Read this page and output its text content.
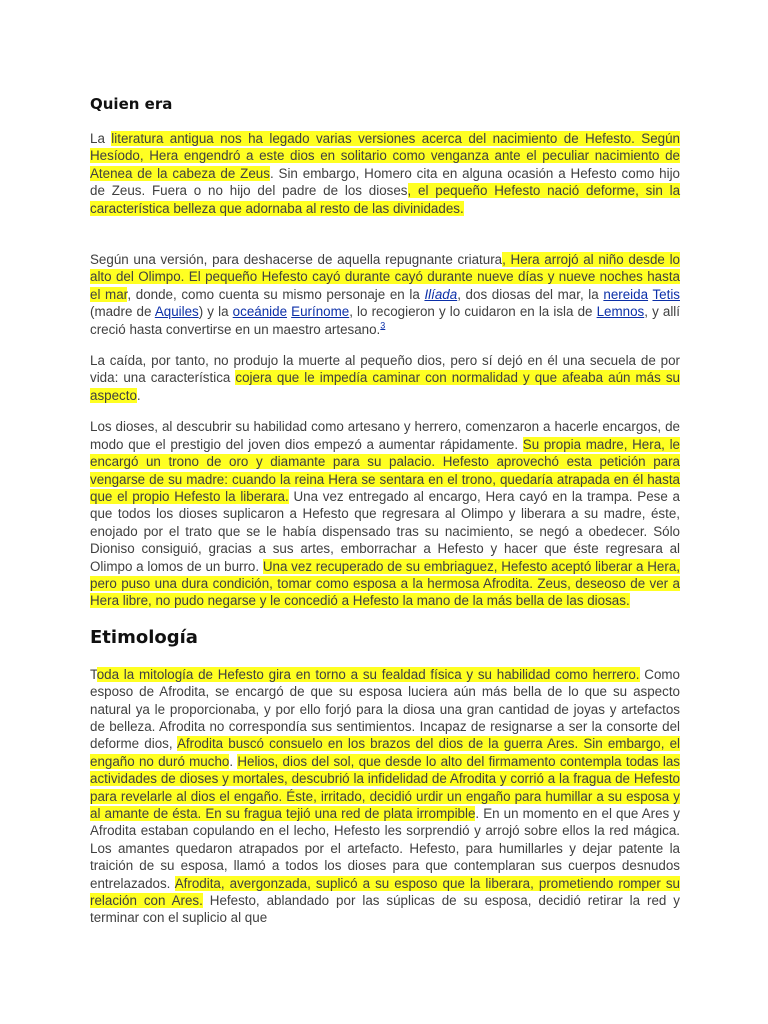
Quien era

La literatura antigua nos ha legado varias versiones acerca del nacimiento de Hefesto. Según Hesíodo, Hera engendró a este dios en solitario como venganza ante el peculiar nacimiento de Atenea de la cabeza de Zeus. Sin embargo, Homero cita en alguna ocasión a Hefesto como hijo de Zeus. Fuera o no hijo del padre de los dioses, el pequeño Hefesto nació deforme, sin la característica belleza que adornaba al resto de las divinidades.

Según una versión, para deshacerse de aquella repugnante criatura, Hera arrojó al niño desde lo alto del Olimpo. El pequeño Hefesto cayó durante cayó durante nueve días y nueve noches hasta el mar, donde, como cuenta su mismo personaje en la Ilíada, dos diosas del mar, la nereida Tetis (madre de Aquiles) y la oceánide Eurínome, lo recogieron y lo cuidaron en la isla de Lemnos, y allí creció hasta convertirse en un maestro artesano.$^3$

La caída, por tanto, no produjo la muerte al pequeño dios, pero sí dejó en él una secuela de por vida: una característica cojera que le impedía caminar con normalidad y que afeaba aún más su aspecto.

Los dioses, al descubrir su habilidad como artesano y herrero, comenzaron a hacerle encargos, de modo que el prestigio del joven dios empezó a aumentar rápidamente. Su propia madre, Hera, le encargó un trono de oro y diamante para su palacio. Hefesto aprovechó esta petición para vengarse de su madre: cuando la reina Hera se sentara en el trono, quedaría atrapada en él hasta que el propio Hefesto la liberara. Una vez entregado al encargo, Hera cayó en la trampa. Pese a que todos los dioses suplicaron a Hefesto que regresara al Olimpo y liberara a su madre, éste, enojado por el trato que se le había dispensado tras su nacimiento, se negó a obedecer. Sólo Dioniso consiguió, gracias a sus artes, emborrachar a Hefesto y hacer que éste regresara al Olimpo a lomos de un burro. Una vez recuperado de su embriaguez, Hefesto aceptó liberar a Hera, pero puso una dura condición, tomar como esposa a la hermosa Afrodita. Zeus, deseoso de ver a Hera libre, no pudo negarse y le concedió a Hefesto la mano de la más bella de las diosas.

Etimología

Toda la mitología de Hefesto gira en torno a su fealdad física y su habilidad como herrero. Como esposo de Afrodita, se encargó de que su esposa luciera aún más bella de lo que su aspecto natural ya le proporcionaba, y por ello forjó para la diosa una gran cantidad de joyas y artefactos de belleza. Afrodita no correspondía sus sentimientos. Incapaz de resignarse a ser la consorte del deforme dios, Afrodita buscó consuelo en los brazos del dios de la guerra Ares. Sin embargo, el engaño no duró mucho. Helios, dios del sol, que desde lo alto del firmamento contempla todas las actividades de dioses y mortales, descubrió la infidelidad de Afrodita y corrió a la fragua de Hefesto para revelarle al dios el engaño. Éste, irritado, decidió urdir un engaño para humillar a su esposa y al amante de ésta. En su fragua tejió una red de plata irrompible. En un momento en el que Ares y Afrodita estaban copulando en el lecho, Hefesto les sorprendió y arrojó sobre ellos la red mágica. Los amantes quedaron atrapados por el artefacto. Hefesto, para humillarles y dejar patente la traición de su esposa, llamó a todos los dioses para que contemplaran sus cuerpos desnudos entrelazados. Afrodita, avergonzada, suplicó a su esposo que la liberara, prometiendo romper su relación con Ares. Hefesto, ablandado por las súplicas de su esposa, decidió retirar la red y terminar con el suplicio al que
